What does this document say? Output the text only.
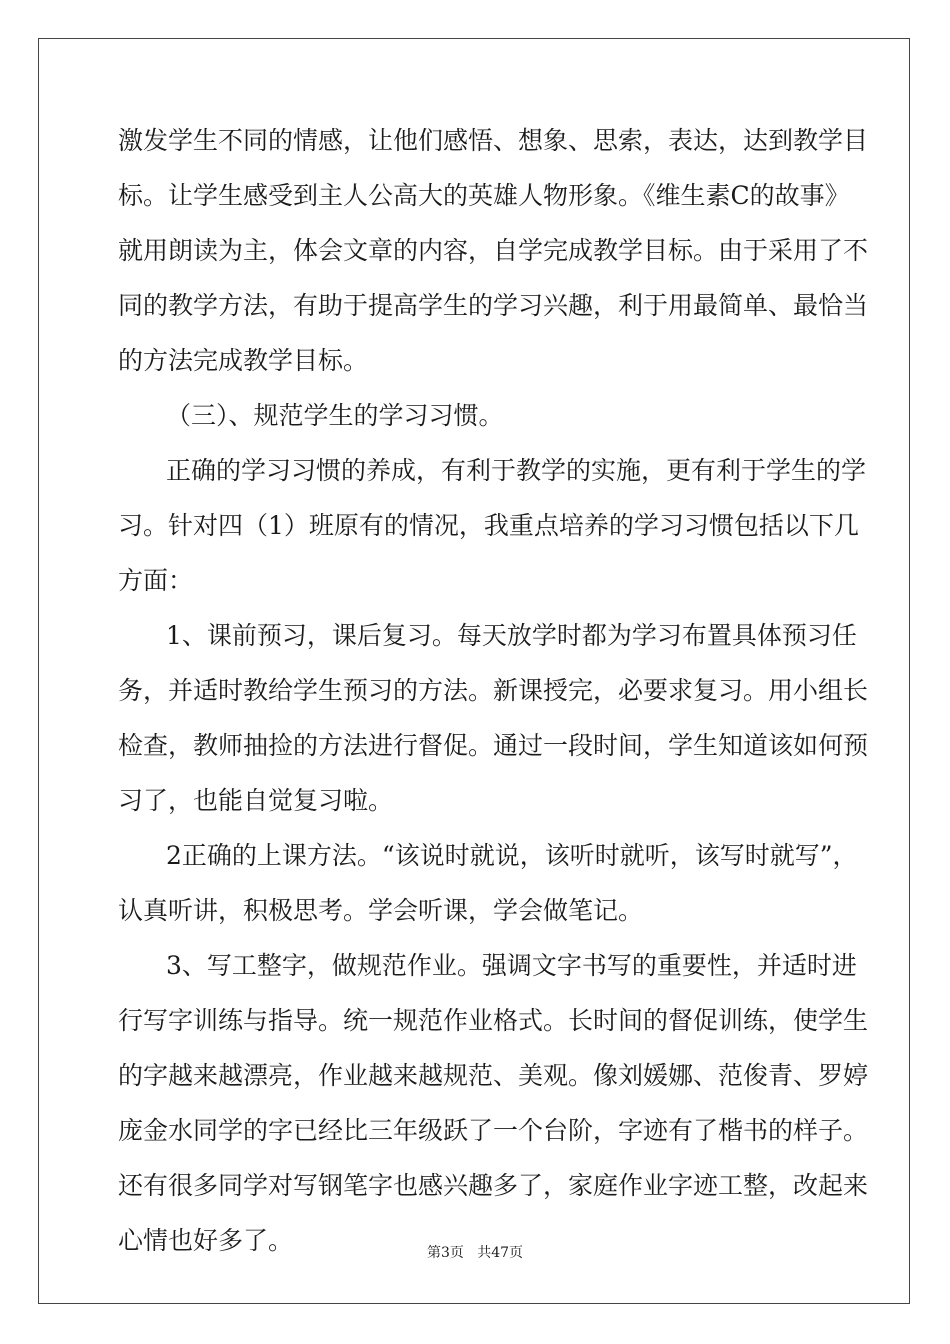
激发学生不同的情感，让他们感悟、想象、思索，表达，达到教学目
标。让学生感受到主人公高大的英雄人物形象。《维生素C的故事》
就用朗读为主，体会文章的内容，自学完成教学目标。由于采用了不
同的教学方法，有助于提高学生的学习兴趣，利于用最简单、最恰当
的方法完成教学目标。
（三）、规范学生的学习习惯。
正确的学习习惯的养成，有利于教学的实施，更有利于学生的学
习。针对四（1）班原有的情况，我重点培养的学习习惯包括以下几
方面：
1、课前预习，课后复习。每天放学时都为学习布置具体预习任
务，并适时教给学生预习的方法。新课授完，必要求复习。用小组长
检查，教师抽捡的方法进行督促。通过一段时间，学生知道该如何预
习了，也能自觉复习啦。
2正确的上课方法。“该说时就说，该听时就听，该写时就写”，
认真听讲，积极思考。学会听课，学会做笔记。
3、写工整字，做规范作业。强调文字书写的重要性，并适时进
行写字训练与指导。统一规范作业格式。长时间的督促训练，使学生
的字越来越漂亮，作业越来越规范、美观。像刘媛娜、范俊青、罗婷
庞金水同学的字已经比三年级跃了一个台阶，字迹有了楷书的样子。
还有很多同学对写钢笔字也感兴趣多了，家庭作业字迹工整，改起来
心情也好多了。	第3页   共47页
